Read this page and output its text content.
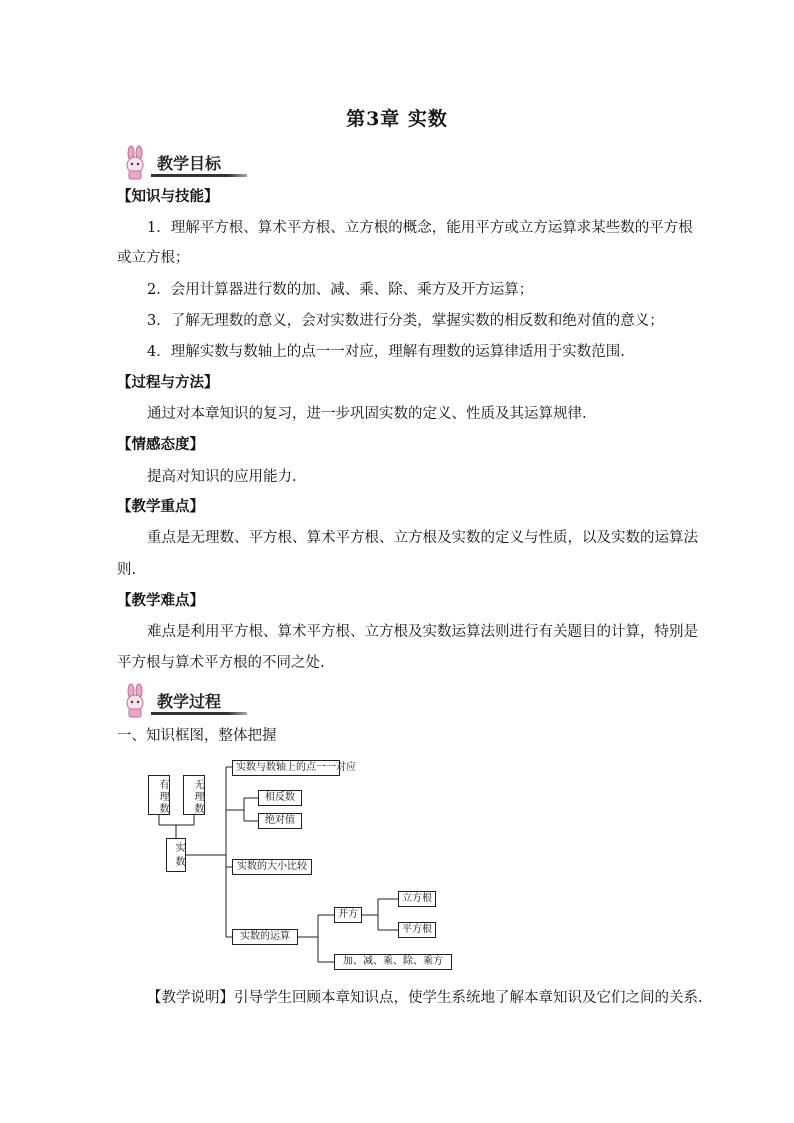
第3章 实数
教学目标
【知识与技能】
1．理解平方根、算术平方根、立方根的概念，能用平方或立方运算求某些数的平方根
或立方根；
2．会用计算器进行数的加、减、乘、除、乘方及开方运算；
3．了解无理数的意义，会对实数进行分类，掌握实数的相反数和绝对值的意义；
4．理解实数与数轴上的点一一对应，理解有理数的运算律适用于实数范围.
【过程与方法】
通过对本章知识的复习，进一步巩固实数的定义、性质及其运算规律.
【情感态度】
提高对知识的应用能力.
【教学重点】
重点是无理数、平方根、算术平方根、立方根及实数的定义与性质，以及实数的运算法
则.
【教学难点】
难点是利用平方根、算术平方根、立方根及实数运算法则进行有关题目的计算，特别是
平方根与算术平方根的不同之处.
教学过程
一、知识框图，整体把握
有理数	无理数
实数
实数与数轴上的点一一对应
相反数
绝对值
实数的大小比较
实数的运算
开方
立方根
平方根
加、减、乘、除、乘方
【教学说明】引导学生回顾本章知识点，使学生系统地了解本章知识及它们之间的关系.
